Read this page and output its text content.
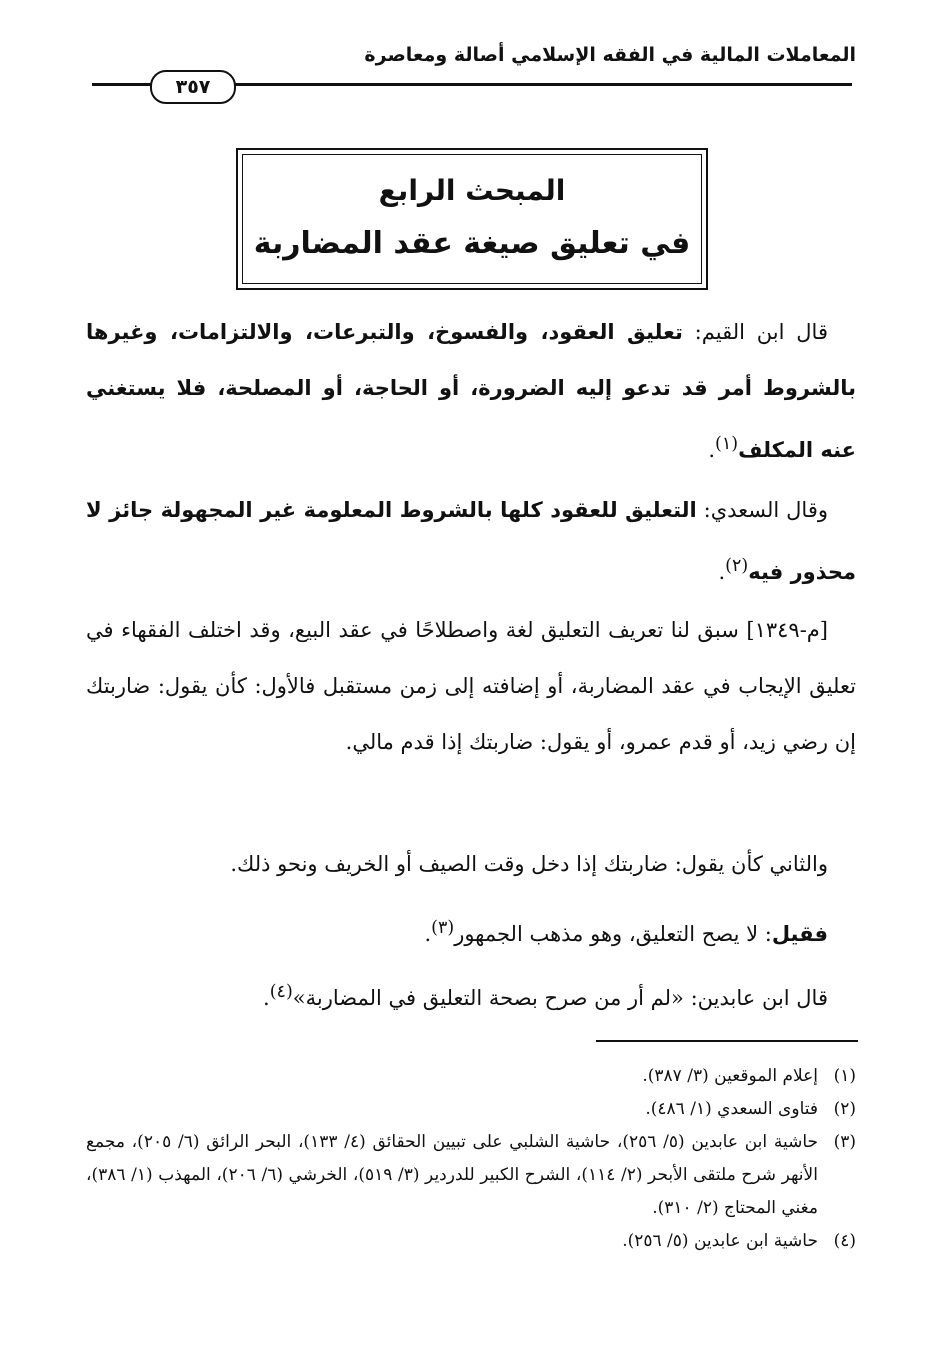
المعاملات المالية في الفقه الإسلامي أصالة ومعاصرة
٣٥٧
المبحث الرابع
في تعليق صيغة عقد المضاربة
قال ابن القيم: تعليق العقود، والفسوخ، والتبرعات، والالتزامات، وغيرها بالشروط أمر قد تدعو إليه الضرورة، أو الحاجة، أو المصلحة، فلا يستغني عنه المكلف$^{(١)}$.
وقال السعدي: التعليق للعقود كلها بالشروط المعلومة غير المجهولة جائز لا محذور فيه$^{(٢)}$.
[م-١٣٤٩] سبق لنا تعريف التعليق لغة واصطلاحًا في عقد البيع، وقد اختلف الفقهاء في تعليق الإيجاب في عقد المضاربة، أو إضافته إلى زمن مستقبل فالأول: كأن يقول: ضاربتك إن رضي زيد، أو قدم عمرو، أو يقول: ضاربتك إذا قدم مالي.
والثاني كأن يقول: ضاربتك إذا دخل وقت الصيف أو الخريف ونحو ذلك.
فقيل: لا يصح التعليق، وهو مذهب الجمهور$^{(٣)}$.
قال ابن عابدين: «لم أر من صرح بصحة التعليق في المضاربة»$^{(٤)}$.
(١)
إعلام الموقعين (٣/ ٣٨٧).
(٢)
فتاوى السعدي (١/ ٤٨٦).
(٣)
حاشية ابن عابدين (٥/ ٢٥٦)، حاشية الشلبي على تبيين الحقائق (٤/ ١٣٣)، البحر الرائق (٦/ ٢٠٥)، مجمع الأنهر شرح ملتقى الأبحر (٢/ ١١٤)، الشرح الكبير للدردير (٣/ ٥١٩)، الخرشي (٦/ ٢٠٦)، المهذب (١/ ٣٨٦)، مغني المحتاج (٢/ ٣١٠).
(٤)
حاشية ابن عابدين (٥/ ٢٥٦).
